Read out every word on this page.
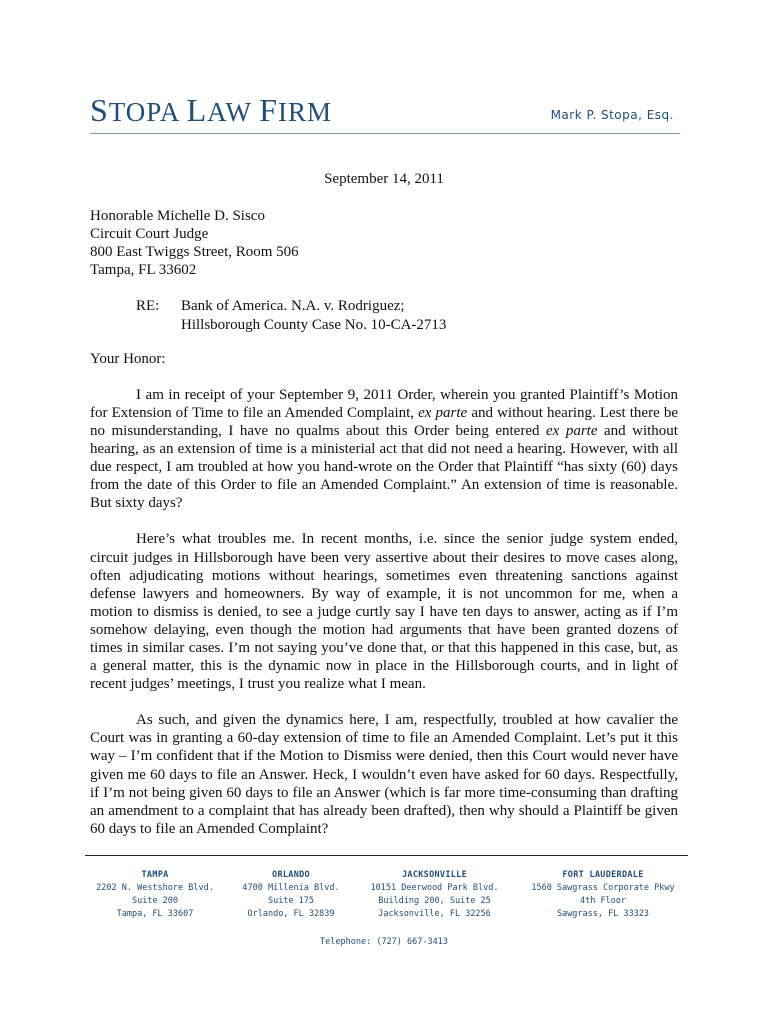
STOPA LAW FIRM	Mark P. Stopa, Esq.
September 14, 2011
Honorable Michelle D. Sisco
Circuit Court Judge
800 East Twiggs Street, Room 506
Tampa, FL 33602
RE:	Bank of America. N.A. v. Rodriguez;
Hillsborough County Case No. 10-CA-2713
Your Honor:

I am in receipt of your September 9, 2011 Order, wherein you granted Plaintiff’s Motion for Extension of Time to file an Amended Complaint, ex parte and without hearing. Lest there be no misunderstanding, I have no qualms about this Order being entered ex parte and without hearing, as an extension of time is a ministerial act that did not need a hearing. However, with all due respect, I am troubled at how you hand-wrote on the Order that Plaintiff “has sixty (60) days from the date of this Order to file an Amended Complaint.” An extension of time is reasonable. But sixty days?

Here’s what troubles me. In recent months, i.e. since the senior judge system ended, circuit judges in Hillsborough have been very assertive about their desires to move cases along, often adjudicating motions without hearings, sometimes even threatening sanctions against defense lawyers and homeowners. By way of example, it is not uncommon for me, when a motion to dismiss is denied, to see a judge curtly say I have ten days to answer, acting as if I’m somehow delaying, even though the motion had arguments that have been granted dozens of times in similar cases. I’m not saying you’ve done that, or that this happened in this case, but, as a general matter, this is the dynamic now in place in the Hillsborough courts, and in light of recent judges’ meetings, I trust you realize what I mean.

As such, and given the dynamics here, I am, respectfully, troubled at how cavalier the Court was in granting a 60-day extension of time to file an Amended Complaint. Let’s put it this way – I’m confident that if the Motion to Dismiss were denied, then this Court would never have given me 60 days to file an Answer. Heck, I wouldn’t even have asked for 60 days. Respectfully, if I’m not being given 60 days to file an Answer (which is far more time-consuming than drafting an amendment to a complaint that has already been drafted), then why should a Plaintiff be given 60 days to file an Amended Complaint?

TAMPA
2202 N. Westshore Blvd.
Suite 200
Tampa, FL 33607
ORLANDO
4700 Millenia Blvd.
Suite 175
Orlando, FL 32839
JACKSONVILLE
10151 Deerwood Park Blvd.
Building 200, Suite 25
Jacksonville, FL 32256
FORT LAUDERDALE
1560 Sawgrass Corporate Pkwy
4th Floor
Sawgrass, FL 33323
Telephone: (727) 667-3413
